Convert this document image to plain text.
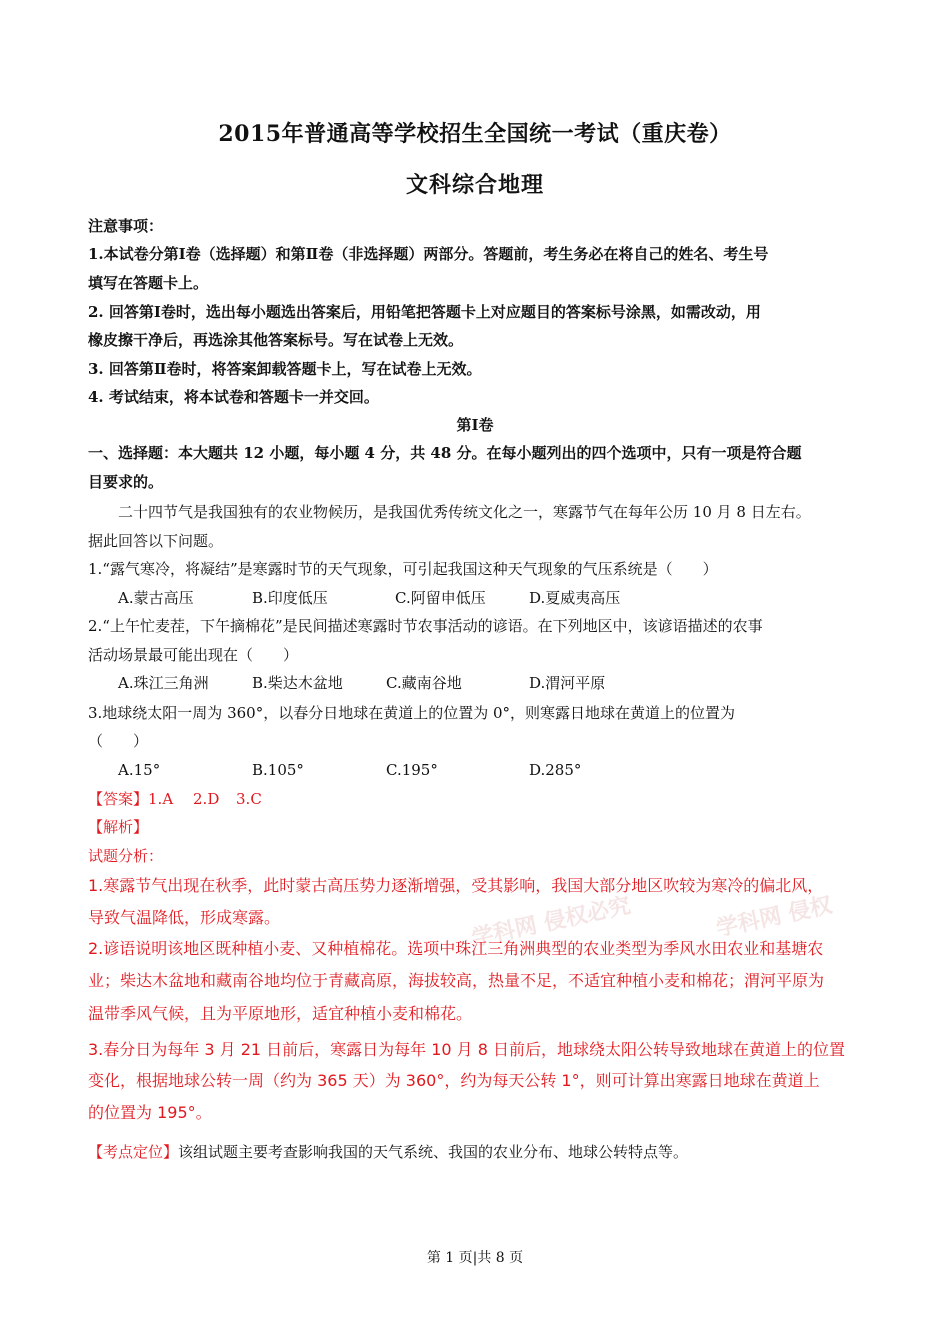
学科网 侵权必究	学科网 侵权
2015年普通高等学校招生全国统一考试（重庆卷）
文科综合地理
注意事项：
1.本试卷分第Ⅰ卷（选择题）和第Ⅱ卷（非选择题）两部分。答题前，考生务必在将自己的姓名、考生号
填写在答题卡上。
2. 回答第Ⅰ卷时，选出每小题选出答案后，用铅笔把答题卡上对应题目的答案标号涂黑，如需改动，用
橡皮擦干净后，再选涂其他答案标号。写在试卷上无效。
3. 回答第Ⅱ卷时，将答案卸载答题卡上，写在试卷上无效。
4. 考试结束，将本试卷和答题卡一并交回。
第Ⅰ卷
一、选择题：本大题共 12 小题，每小题 4 分，共 48 分。在每小题列出的四个选项中，只有一项是符合题
目要求的。
二十四节气是我国独有的农业物候历，是我国优秀传统文化之一，寒露节气在每年公历 10 月 8 日左右。
据此回答以下问题。
1.“露气寒冷，将凝结”是寒露时节的天气现象，可引起我国这种天气现象的气压系统是（　　）
A.蒙古高压	B.印度低压	C.阿留申低压	D.夏威夷高压
2.“上午忙麦茬，下午摘棉花”是民间描述寒露时节农事活动的谚语。在下列地区中，该谚语描述的农事
活动场景最可能出现在（　　）
A.珠江三角洲	B.柴达木盆地	C.藏南谷地	D.渭河平原
3.地球绕太阳一周为 360°，以春分日地球在黄道上的位置为 0°，则寒露日地球在黄道上的位置为
（　　）
A.15°	B.105°	C.195°	D.285°
【答案】1.A 2.D 3.C
【解析】
试题分析：
1.寒露节气出现在秋季，此时蒙古高压势力逐渐增强，受其影响，我国大部分地区吹较为寒冷的偏北风，
导致气温降低，形成寒露。
2.谚语说明该地区既种植小麦、又种植棉花。选项中珠江三角洲典型的农业类型为季风水田农业和基塘农
业；柴达木盆地和藏南谷地均位于青藏高原，海拔较高，热量不足，不适宜种植小麦和棉花；渭河平原为
温带季风气候，且为平原地形，适宜种植小麦和棉花。
3.春分日为每年 3 月 21 日前后，寒露日为每年 10 月 8 日前后，地球绕太阳公转导致地球在黄道上的位置
变化，根据地球公转一周（约为 365 天）为 360°，约为每天公转 1°，则可计算出寒露日地球在黄道上
的位置为 195°。
【考点定位】该组试题主要考查影响我国的天气系统、我国的农业分布、地球公转特点等。
第 1 页|共 8 页
